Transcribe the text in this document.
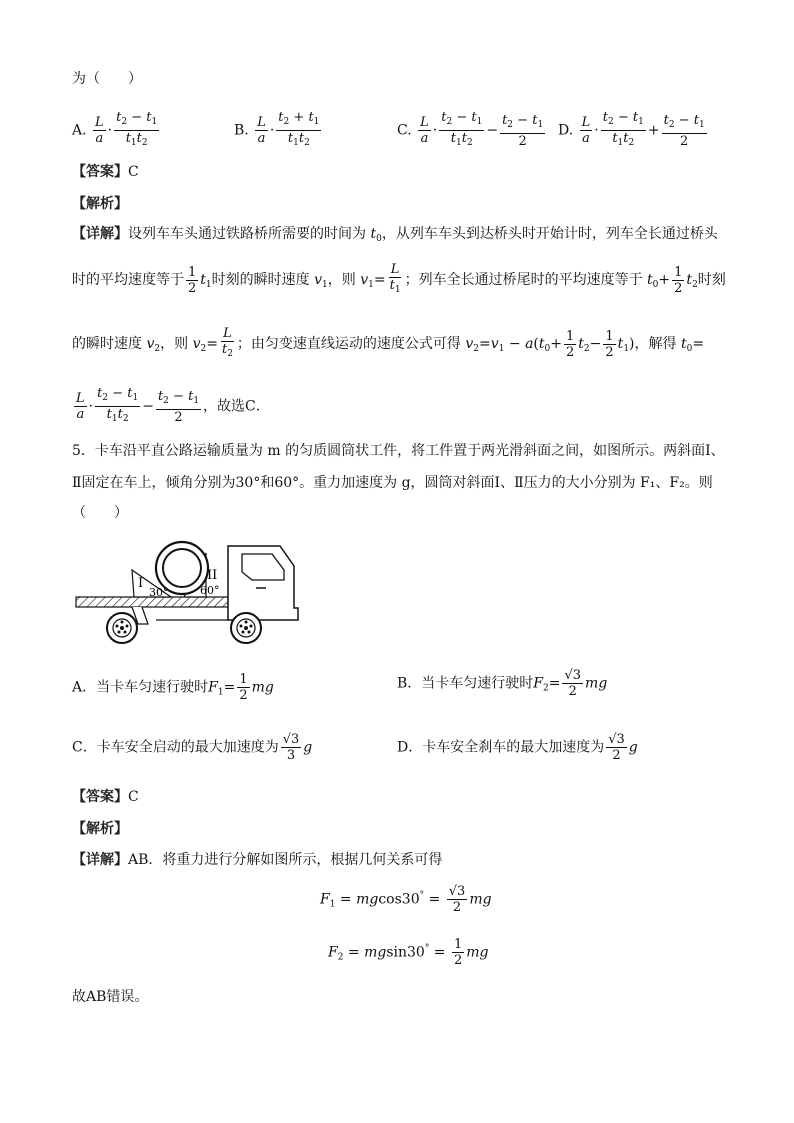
为（　　）
A. $\frac{L}{a} \cdot \frac{t_2 - t_1}{t_1t_2}$	B. $\frac{L}{a} \cdot \frac{t_2 + t_1}{t_1t_2}$	C. $\frac{L}{a} \cdot \frac{t_2 - t_1}{t_1t_2} - \frac{t_2 - t_1}{2} D$. $\frac{L}{a} \cdot \frac{t_2 - t_1}{t_1t_2} + \frac{t_2 - t_1}{2}$
【答案】C
【解析】
【详解】设列车车头通过铁路桥所需要的时间为 $t_0$，从列车车头到达桥头时开始计时，列车全长通过桥头
时的平均速度等于 $\frac{1}{2} t_1$时刻的瞬时速度 $v_1$，则 $v_1= \frac{L}{t_1}$ ；列车全长通过桥尾时的平均速度等于 $t_0+ \frac{1}{2} t_2$时刻
的瞬时速度 $v_2$，则 $v_2= \frac{L}{t_2}$ ；由匀变速直线运动的速度公式可得 $v_2=v_1 - a(t_0+ \frac{1}{2} t_2- \frac{1}{2} t_1)$，解得 $t_0=$
$\frac{L}{a} \cdot \frac{t_2 - t_1}{t_1t_2} - \frac{t_2 - t_1}{2}$ ，故选C．
5．卡车沿平直公路运输质量为 m 的匀质圆筒状工件，将工件置于两光滑斜面之间，如图所示。两斜面Ⅰ、
Ⅱ固定在车上，倾角分别为30°和60°。重力加速度为 g，圆筒对斜面Ⅰ、Ⅱ压力的大小分别为 F₁、F₂。则
（　　）
I
30°
II
60°
A．当卡车匀速行驶时$F_1= \frac{1}{2}$ mg	B．当卡车匀速行驶时$F_2= \frac{√3}{2}$ mg
C．卡车安全启动的最大加速度为 $\frac{√3}{3}$ g	D．卡车安全刹车的最大加速度为 $\frac{√3}{2}$ g
【答案】C
【解析】
【详解】AB．将重力进行分解如图所示，根据几何关系可得
$F_1 = mgcos30^\circ = \frac{√3}{2}$ mg
$F_2 = mgsin30^\circ = \frac{1}{2}$ mg
故AB错误。
